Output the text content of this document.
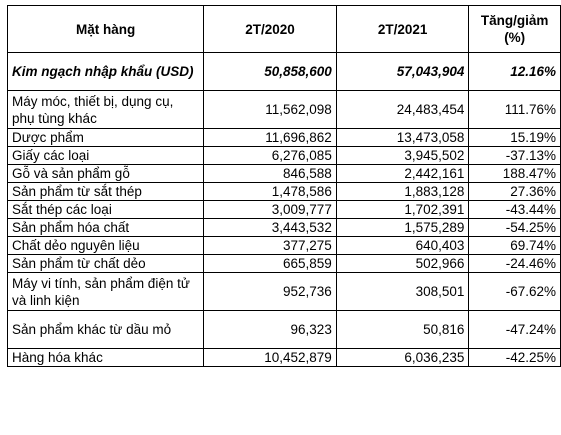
Mặt hàng	2T/2020	2T/2021	Tăng/giảm (%)
Kim ngạch nhập khẩu (USD)	50,858,600	57,043,904	12.16%
Máy móc, thiết bị, dụng cụ, phụ tùng khác	11,562,098	24,483,454	111.76%
Dược phẩm	11,696,862	13,473,058	15.19%
Giấy các loại	6,276,085	3,945,502	-37.13%
Gỗ và sản phẩm gỗ	846,588	2,442,161	188.47%
Sản phẩm từ sắt thép	1,478,586	1,883,128	27.36%
Sắt thép các loại	3,009,777	1,702,391	-43.44%
Sản phẩm hóa chất	3,443,532	1,575,289	-54.25%
Chất dẻo nguyên liệu	377,275	640,403	69.74%
Sản phẩm từ chất dẻo	665,859	502,966	-24.46%
Máy vi tính, sản phẩm điện tử và linh kiện	952,736	308,501	-67.62%
Sản phẩm khác từ dầu mỏ	96,323	50,816	-47.24%
Hàng hóa khác	10,452,879	6,036,235	-42.25%
